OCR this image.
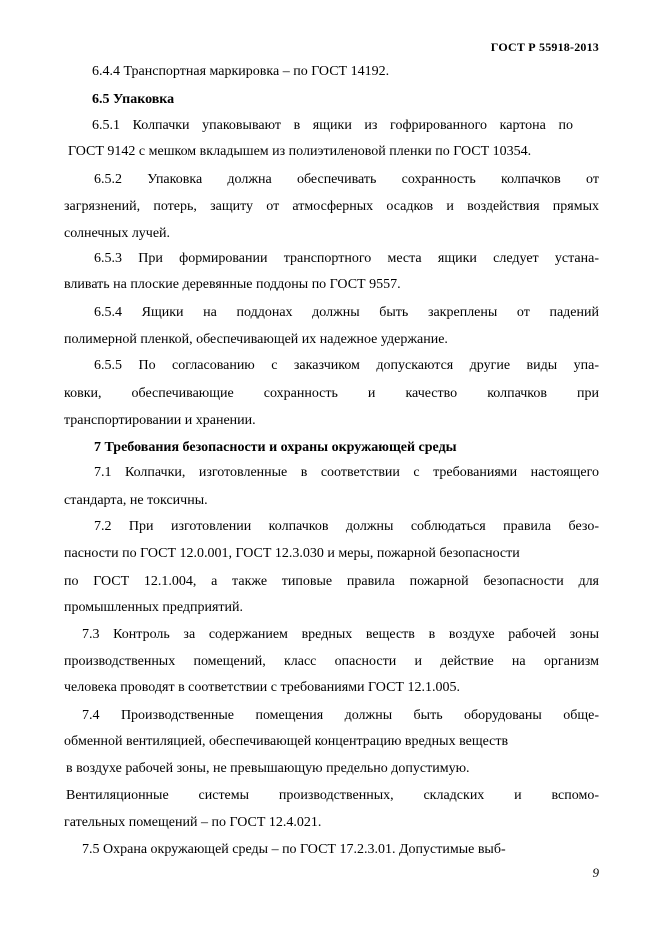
ГОСТ Р 55918-2013
6.4.4 Транспортная маркировка – по ГОСТ 14192.
6.5 Упаковка
6.5.1 Колпачки упаковывают в ящики из гофрированного картона по
ГОСТ 9142 с мешком вкладышем из полиэтиленовой пленки по ГОСТ 10354.
6.5.2 Упаковка должна обеспечивать сохранность колпачков от
загрязнений, потерь, защиту от атмосферных осадков и воздействия прямых
солнечных лучей.
6.5.3 При формировании транспортного места ящики следует устана-
вливать на плоские деревянные поддоны по ГОСТ 9557.
6.5.4 Ящики на поддонах должны быть закреплены от падений
полимерной пленкой, обеспечивающей их надежное удержание.
6.5.5 По согласованию с заказчиком допускаются другие виды упа-
ковки, обеспечивающие сохранность и качество колпачков при
транспортировании и хранении.
7 Требования безопасности и охраны окружающей среды
7.1 Колпачки, изготовленные в соответствии с требованиями настоящего
стандарта, не токсичны.
7.2 При изготовлении колпачков должны соблюдаться правила безо-
пасности по ГОСТ 12.0.001, ГОСТ 12.3.030 и меры, пожарной безопасности
по ГОСТ 12.1.004, а также типовые правила пожарной безопасности для
промышленных предприятий.
7.3 Контроль за содержанием вредных веществ в воздухе рабочей зоны
производственных помещений, класс опасности и действие на организм
человека проводят в соответствии с требованиями ГОСТ 12.1.005.
7.4 Производственные помещения должны быть оборудованы обще-
обменной вентиляцией, обеспечивающей концентрацию вредных веществ
в воздухе рабочей зоны, не превышающую предельно допустимую.
Вентиляционные системы производственных, складских и вспомо-
гательных помещений – по ГОСТ 12.4.021.
7.5 Охрана окружающей среды – по ГОСТ 17.2.3.01. Допустимые выб-
9
